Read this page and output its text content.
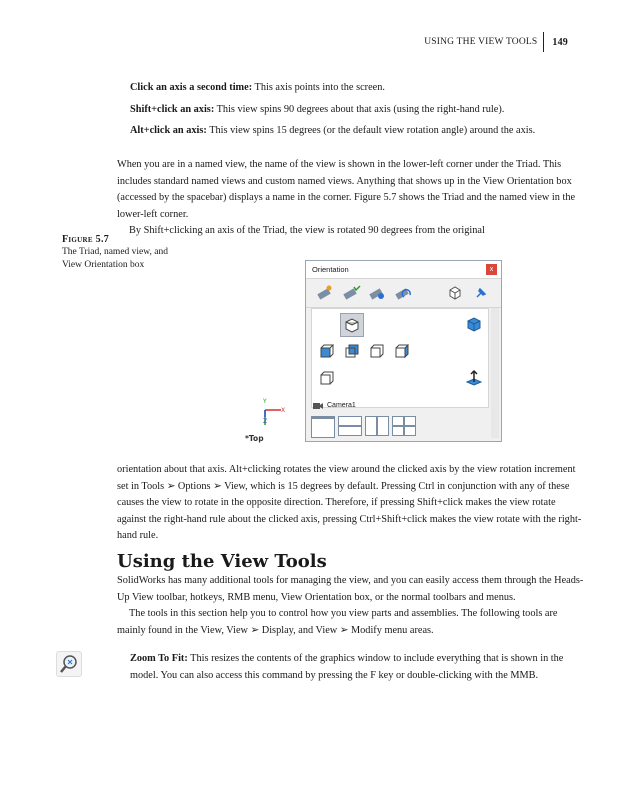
USING THE VIEW TOOLS	149

Click an axis a second time: This axis points into the screen.

Shift+click an axis: This view spins 90 degrees about that axis (using the right-hand rule).

Alt+click an axis: This view spins 15 degrees (or the default view rotation angle) around the axis.

When you are in a named view, the name of the view is shown in the lower-left corner under the Triad. This includes standard named views and custom named views. Anything that shows up in the View Orientation box (accessed by the spacebar) displays a name in the corner. Figure 5.7 shows the Triad and the named view in the lower-left corner.

By Shift+clicking an axis of the Triad, the view is rotated 90 degrees from the original

Figure 5.7
The Triad, named view, and View Orientation box
Y
X
Z
*Top
Orientation	x
Camera1

orientation about that axis. Alt+clicking rotates the view around the clicked axis by the view rotation increment set in Tools ➢ Options ➢ View, which is 15 degrees by default. Pressing Ctrl in conjunction with any of these causes the view to rotate in the opposite direction. Therefore, if pressing Shift+click makes the view rotate against the right-hand rule about the clicked axis, pressing Ctrl+Shift+click makes the view rotate with the right-hand rule.

Using the View Tools

SolidWorks has many additional tools for managing the view, and you can easily access them through the Heads-Up View toolbar, hotkeys, RMB menu, View Orientation box, or the normal toolbars and menus.

The tools in this section help you to control how you view parts and assemblies. The following tools are mainly found in the View, View ➢ Display, and View ➢ Modify menu areas.

Zoom To Fit: This resizes the contents of the graphics window to include everything that is shown in the model. You can also access this command by pressing the F key or double-clicking with the MMB.
